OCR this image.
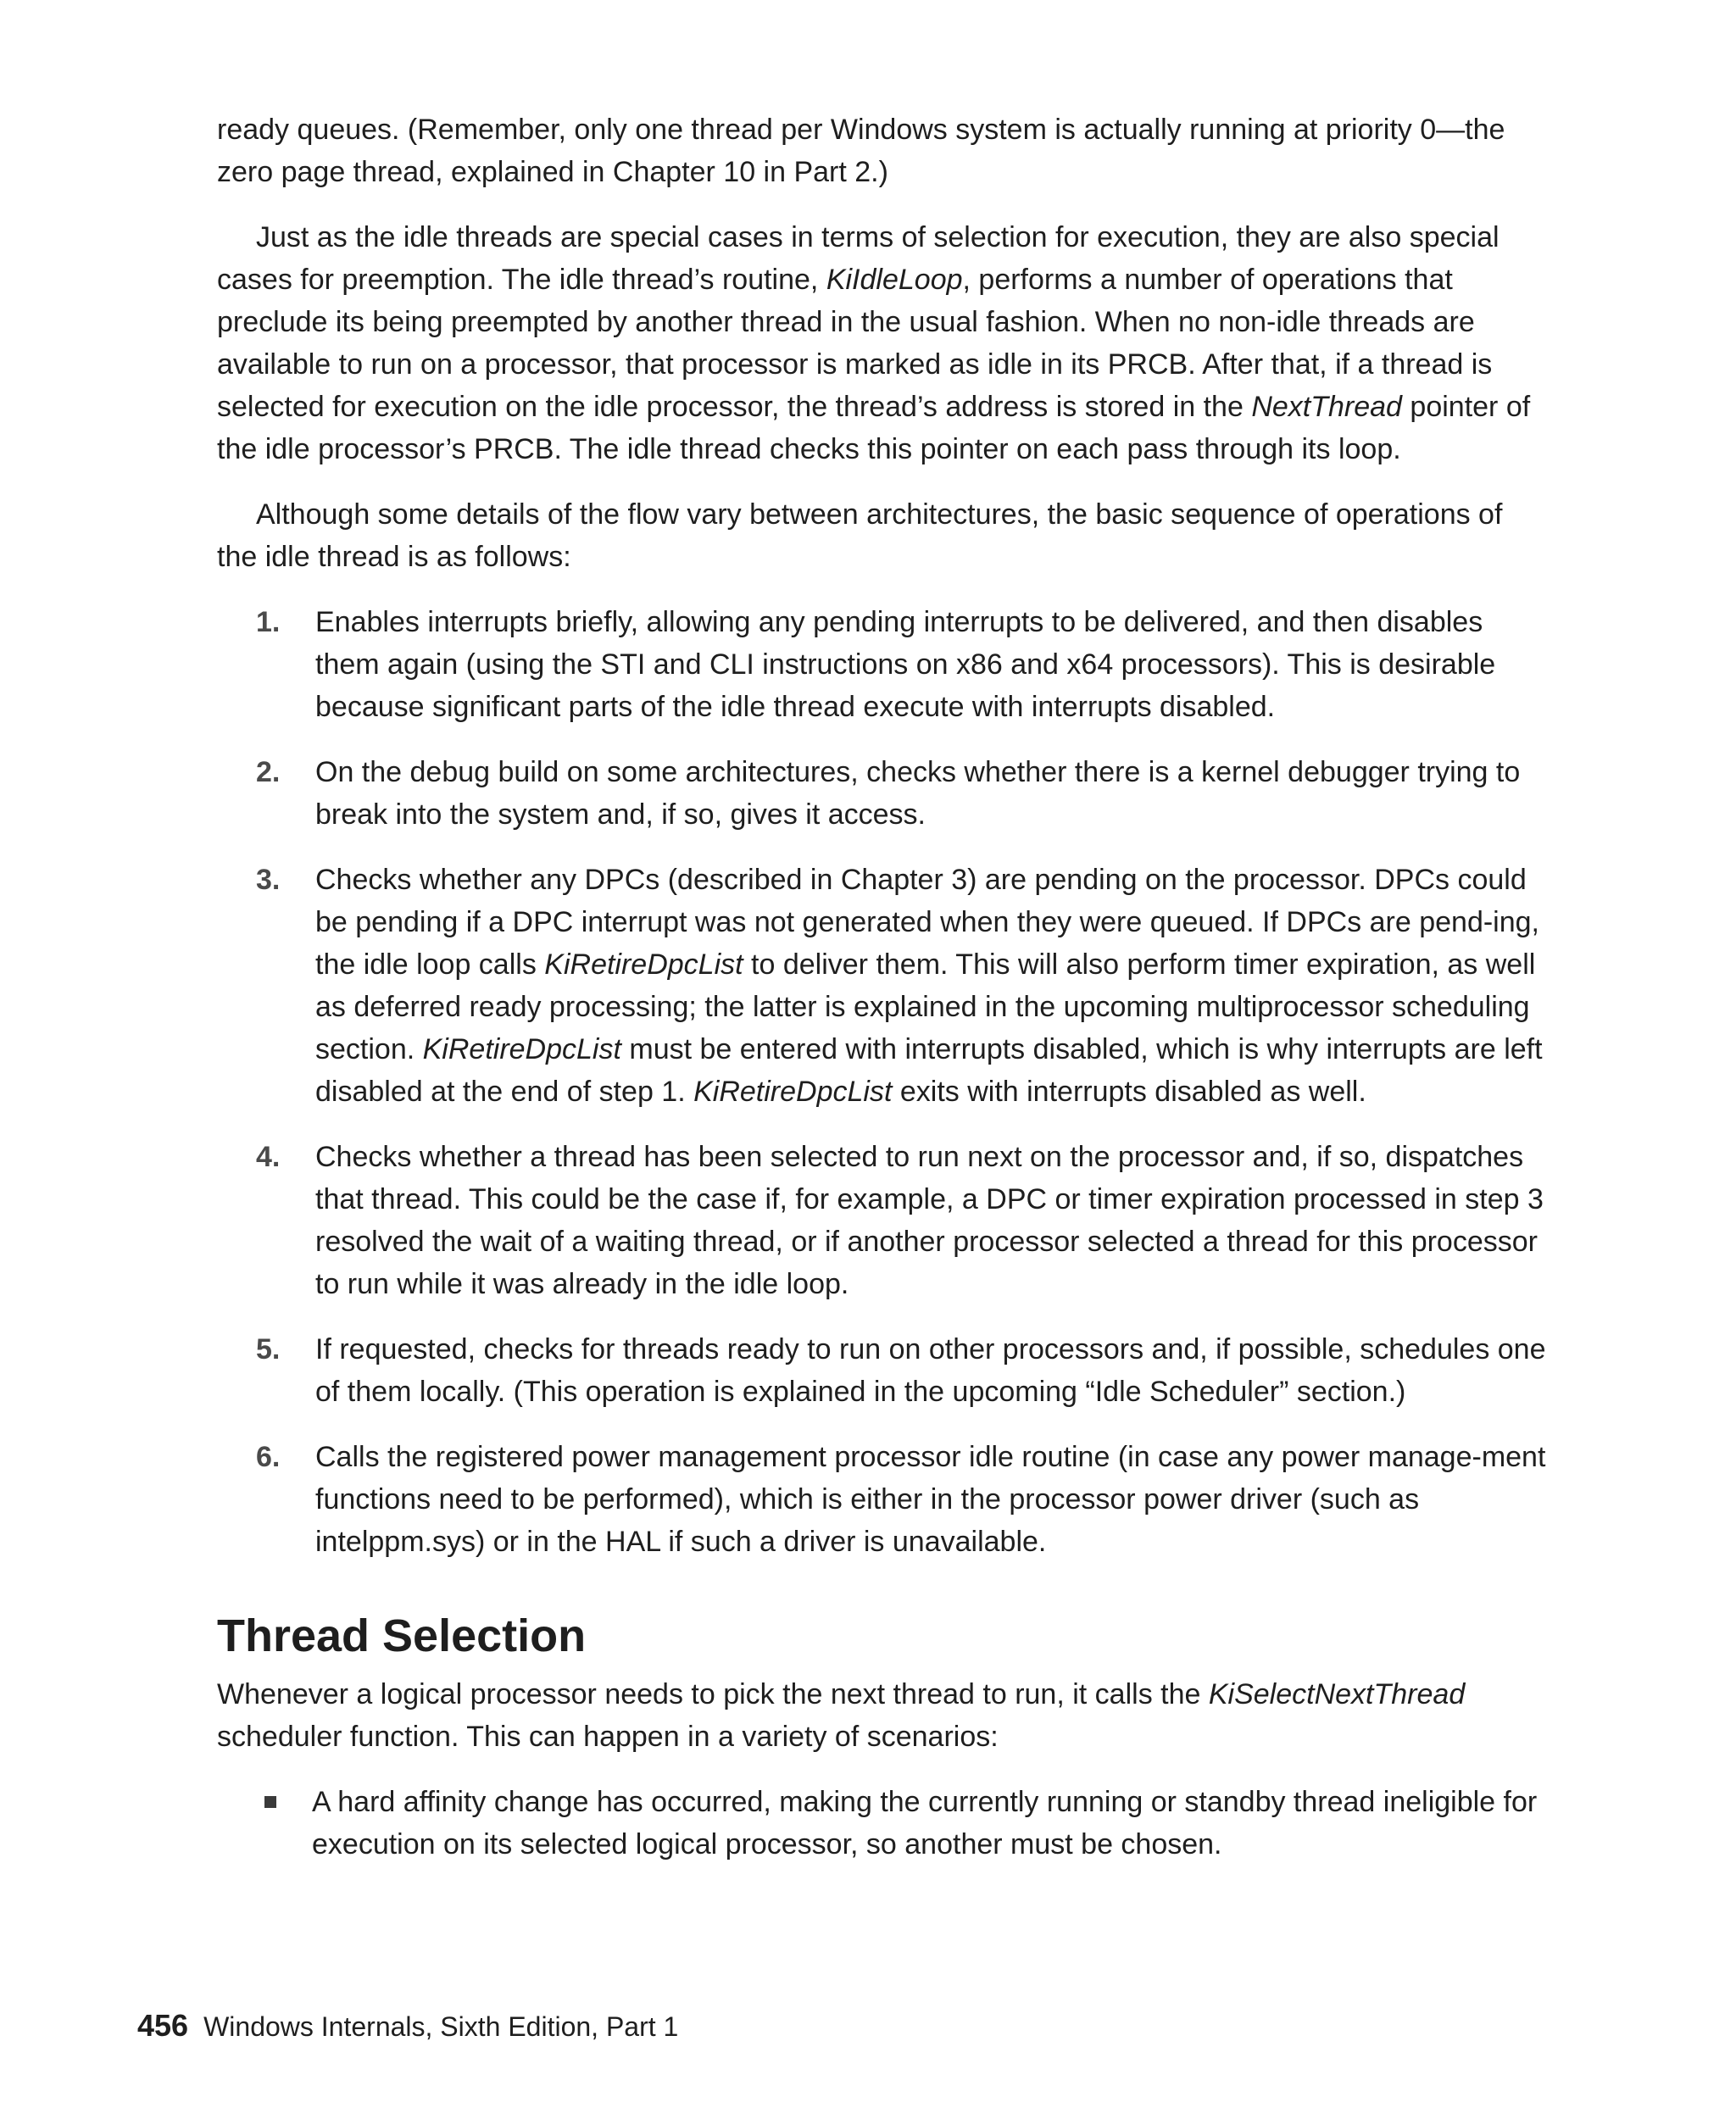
ready queues. (Remember, only one thread per Windows system is actually running at priority 0—the zero page thread, explained in Chapter 10 in Part 2.)

Just as the idle threads are special cases in terms of selection for execution, they are also special cases for preemption. The idle thread’s routine, KiIdleLoop, performs a number of operations that preclude its being preempted by another thread in the usual fashion. When no non-idle threads are available to run on a processor, that processor is marked as idle in its PRCB. After that, if a thread is selected for execution on the idle processor, the thread’s address is stored in the NextThread pointer of the idle processor’s PRCB. The idle thread checks this pointer on each pass through its loop.

Although some details of the flow vary between architectures, the basic sequence of operations of the idle thread is as follows:

1. Enables interrupts briefly, allowing any pending interrupts to be delivered, and then disables them again (using the STI and CLI instructions on x86 and x64 processors). This is desirable because significant parts of the idle thread execute with interrupts disabled.
2. On the debug build on some architectures, checks whether there is a kernel debugger trying to break into the system and, if so, gives it access.
3. Checks whether any DPCs (described in Chapter 3) are pending on the processor. DPCs could be pending if a DPC interrupt was not generated when they were queued. If DPCs are pend-ing, the idle loop calls KiRetireDpcList to deliver them. This will also perform timer expiration, as well as deferred ready processing; the latter is explained in the upcoming multiprocessor scheduling section. KiRetireDpcList must be entered with interrupts disabled, which is why interrupts are left disabled at the end of step 1. KiRetireDpcList exits with interrupts disabled as well.
4. Checks whether a thread has been selected to run next on the processor and, if so, dispatches that thread. This could be the case if, for example, a DPC or timer expiration processed in step 3 resolved the wait of a waiting thread, or if another processor selected a thread for this processor to run while it was already in the idle loop.
5. If requested, checks for threads ready to run on other processors and, if possible, schedules one of them locally. (This operation is explained in the upcoming “Idle Scheduler” section.)
6. Calls the registered power management processor idle routine (in case any power manage-ment functions need to be performed), which is either in the processor power driver (such as intelppm.sys) or in the HAL if such a driver is unavailable.
Thread Selection

Whenever a logical processor needs to pick the next thread to run, it calls the KiSelectNextThread scheduler function. This can happen in a variety of scenarios:

A hard affinity change has occurred, making the currently running or standby thread ineligible for execution on its selected logical processor, so another must be chosen.
456 Windows Internals, Sixth Edition, Part 1
